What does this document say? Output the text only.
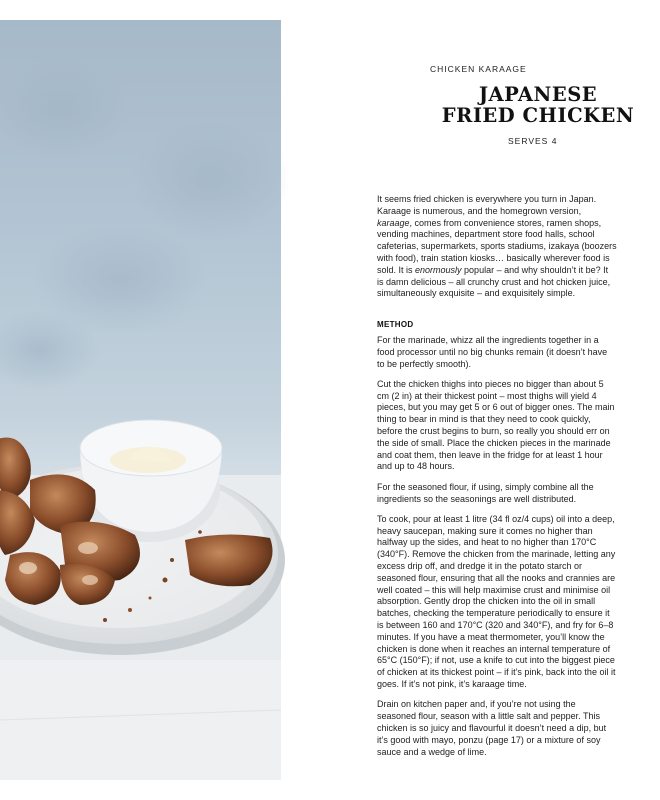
CHICKEN KARAAGE
JAPANESE
FRIED CHICKEN
SERVES 4

It seems fried chicken is everywhere you turn in Japan. Karaage is numerous, and the homegrown version, karaage, comes from convenience stores, ramen shops, vending machines, department store food halls, school cafeterias, supermarkets, sports stadiums, izakaya (boozers with food), train station kiosks… basically wherever food is sold. It is enormously popular – and why shouldn’t it be? It is damn delicious – all crunchy crust and hot chicken juice, simultaneously exquisite – and exquisitely simple.

METHOD

For the marinade, whizz all the ingredients together in a food processor until no big chunks remain (it doesn’t have to be perfectly smooth).

Cut the chicken thighs into pieces no bigger than about 5 cm (2 in) at their thickest point – most thighs will yield 4 pieces, but you may get 5 or 6 out of bigger ones. The main thing to bear in mind is that they need to cook quickly, before the crust begins to burn, so really you should err on the side of small. Place the chicken pieces in the marinade and coat them, then leave in the fridge for at least 1 hour and up to 48 hours.

For the seasoned flour, if using, simply combine all the ingredients so the seasonings are well distributed.

To cook, pour at least 1 litre (34 fl oz/4 cups) oil into a deep, heavy saucepan, making sure it comes no higher than halfway up the sides, and heat to no higher than 170°C (340°F). Remove the chicken from the marinade, letting any excess drip off, and dredge it in the potato starch or seasoned flour, ensuring that all the nooks and crannies are well coated – this will help maximise crust and minimise oil absorption. Gently drop the chicken into the oil in small batches, checking the temperature periodically to ensure it is between 160 and 170°C (320 and 340°F), and fry for 6–8 minutes. If you have a meat thermometer, you’ll know the chicken is done when it reaches an internal temperature of 65°C (150°F); if not, use a knife to cut into the biggest piece of chicken at its thickest point – if it’s pink, back into the oil it goes. If it’s not pink, it’s karaage time.

Drain on kitchen paper and, if you’re not using the seasoned flour, season with a little salt and pepper. This chicken is so juicy and flavourful it doesn’t need a dip, but it’s good with mayo, ponzu (page 17) or a mixture of soy sauce and a wedge of lime.
